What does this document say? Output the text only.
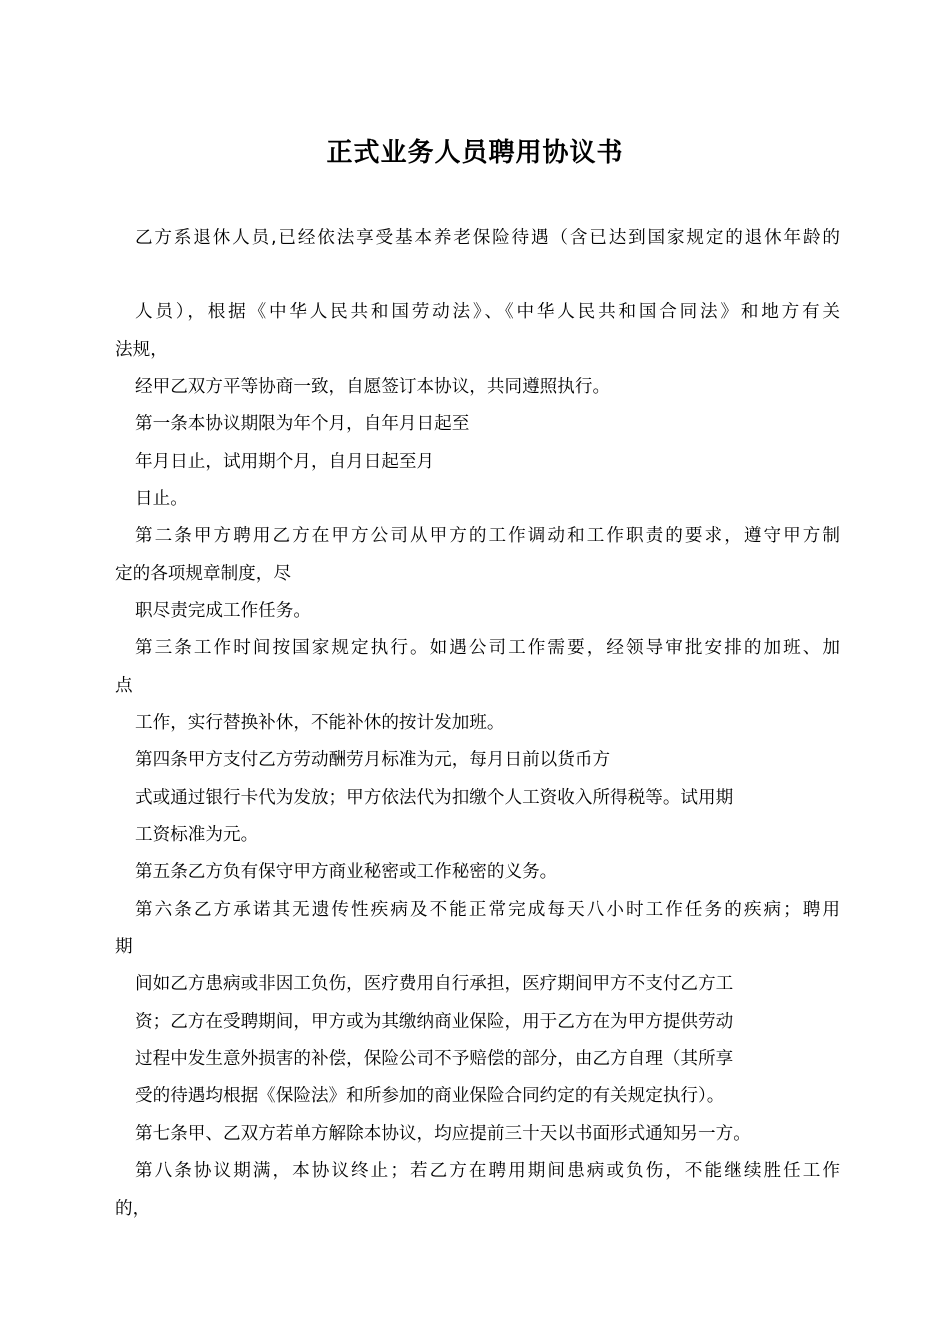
正式业务人员聘用协议书

乙方系退休人员,已经依法享受基本养老保险待遇（含已达到国家规定的退休年龄的

人员），根据《中华人民共和国劳动法》、《中华人民共和国合同法》和地方有关

法规，

经甲乙双方平等协商一致，自愿签订本协议，共同遵照执行。

第一条本协议期限为年个月，自年月日起至

年月日止，试用期个月，自月日起至月

日止。

第二条甲方聘用乙方在甲方公司从甲方的工作调动和工作职责的要求，遵守甲方制

定的各项规章制度，尽

职尽责完成工作任务。

第三条工作时间按国家规定执行。如遇公司工作需要，经领导审批安排的加班、加

点

工作，实行替换补休，不能补休的按计发加班。

第四条甲方支付乙方劳动酬劳月标准为元，每月日前以货币方

式或通过银行卡代为发放；甲方依法代为扣缴个人工资收入所得税等。试用期

工资标准为元。

第五条乙方负有保守甲方商业秘密或工作秘密的义务。

第六条乙方承诺其无遗传性疾病及不能正常完成每天八小时工作任务的疾病；聘用

期

间如乙方患病或非因工负伤，医疗费用自行承担，医疗期间甲方不支付乙方工

资；乙方在受聘期间，甲方或为其缴纳商业保险，用于乙方在为甲方提供劳动

过程中发生意外损害的补偿，保险公司不予赔偿的部分，由乙方自理（其所享

受的待遇均根据《保险法》和所参加的商业保险合同约定的有关规定执行）。

第七条甲、乙双方若单方解除本协议，均应提前三十天以书面形式通知另一方。

第八条协议期满，本协议终止；若乙方在聘用期间患病或负伤，不能继续胜任工作

的，
